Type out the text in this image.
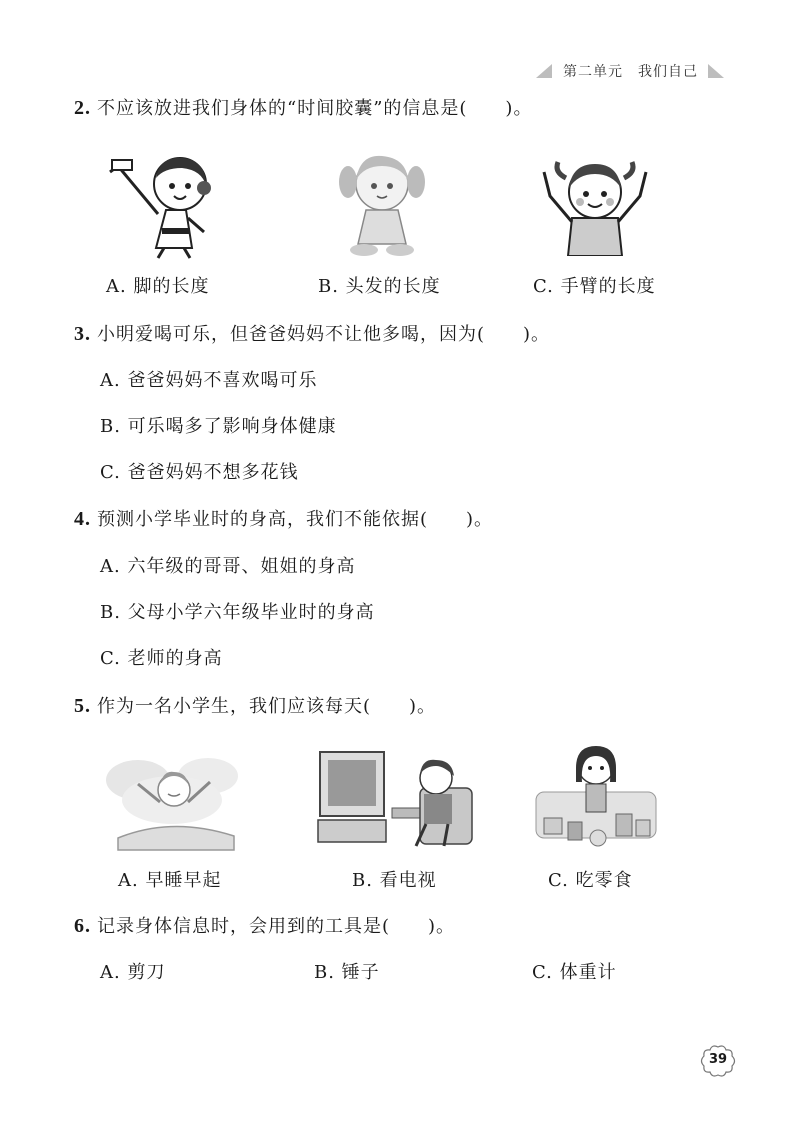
第二单元　我们自己
2. 不应该放进我们身体的“时间胶囊”的信息是(　　)。
A. 脚的长度	B. 头发的长度	C. 手臂的长度
3. 小明爱喝可乐，但爸爸妈妈不让他多喝，因为(　　)。
A. 爸爸妈妈不喜欢喝可乐
B. 可乐喝多了影响身体健康
C. 爸爸妈妈不想多花钱
4. 预测小学毕业时的身高，我们不能依据(　　)。
A. 六年级的哥哥、姐姐的身高
B. 父母小学六年级毕业时的身高
C. 老师的身高
5. 作为一名小学生，我们应该每天(　　)。
A. 早睡早起	B. 看电视	C. 吃零食
6. 记录身体信息时，会用到的工具是(　　)。
A. 剪刀	B. 锤子	C. 体重计
39
